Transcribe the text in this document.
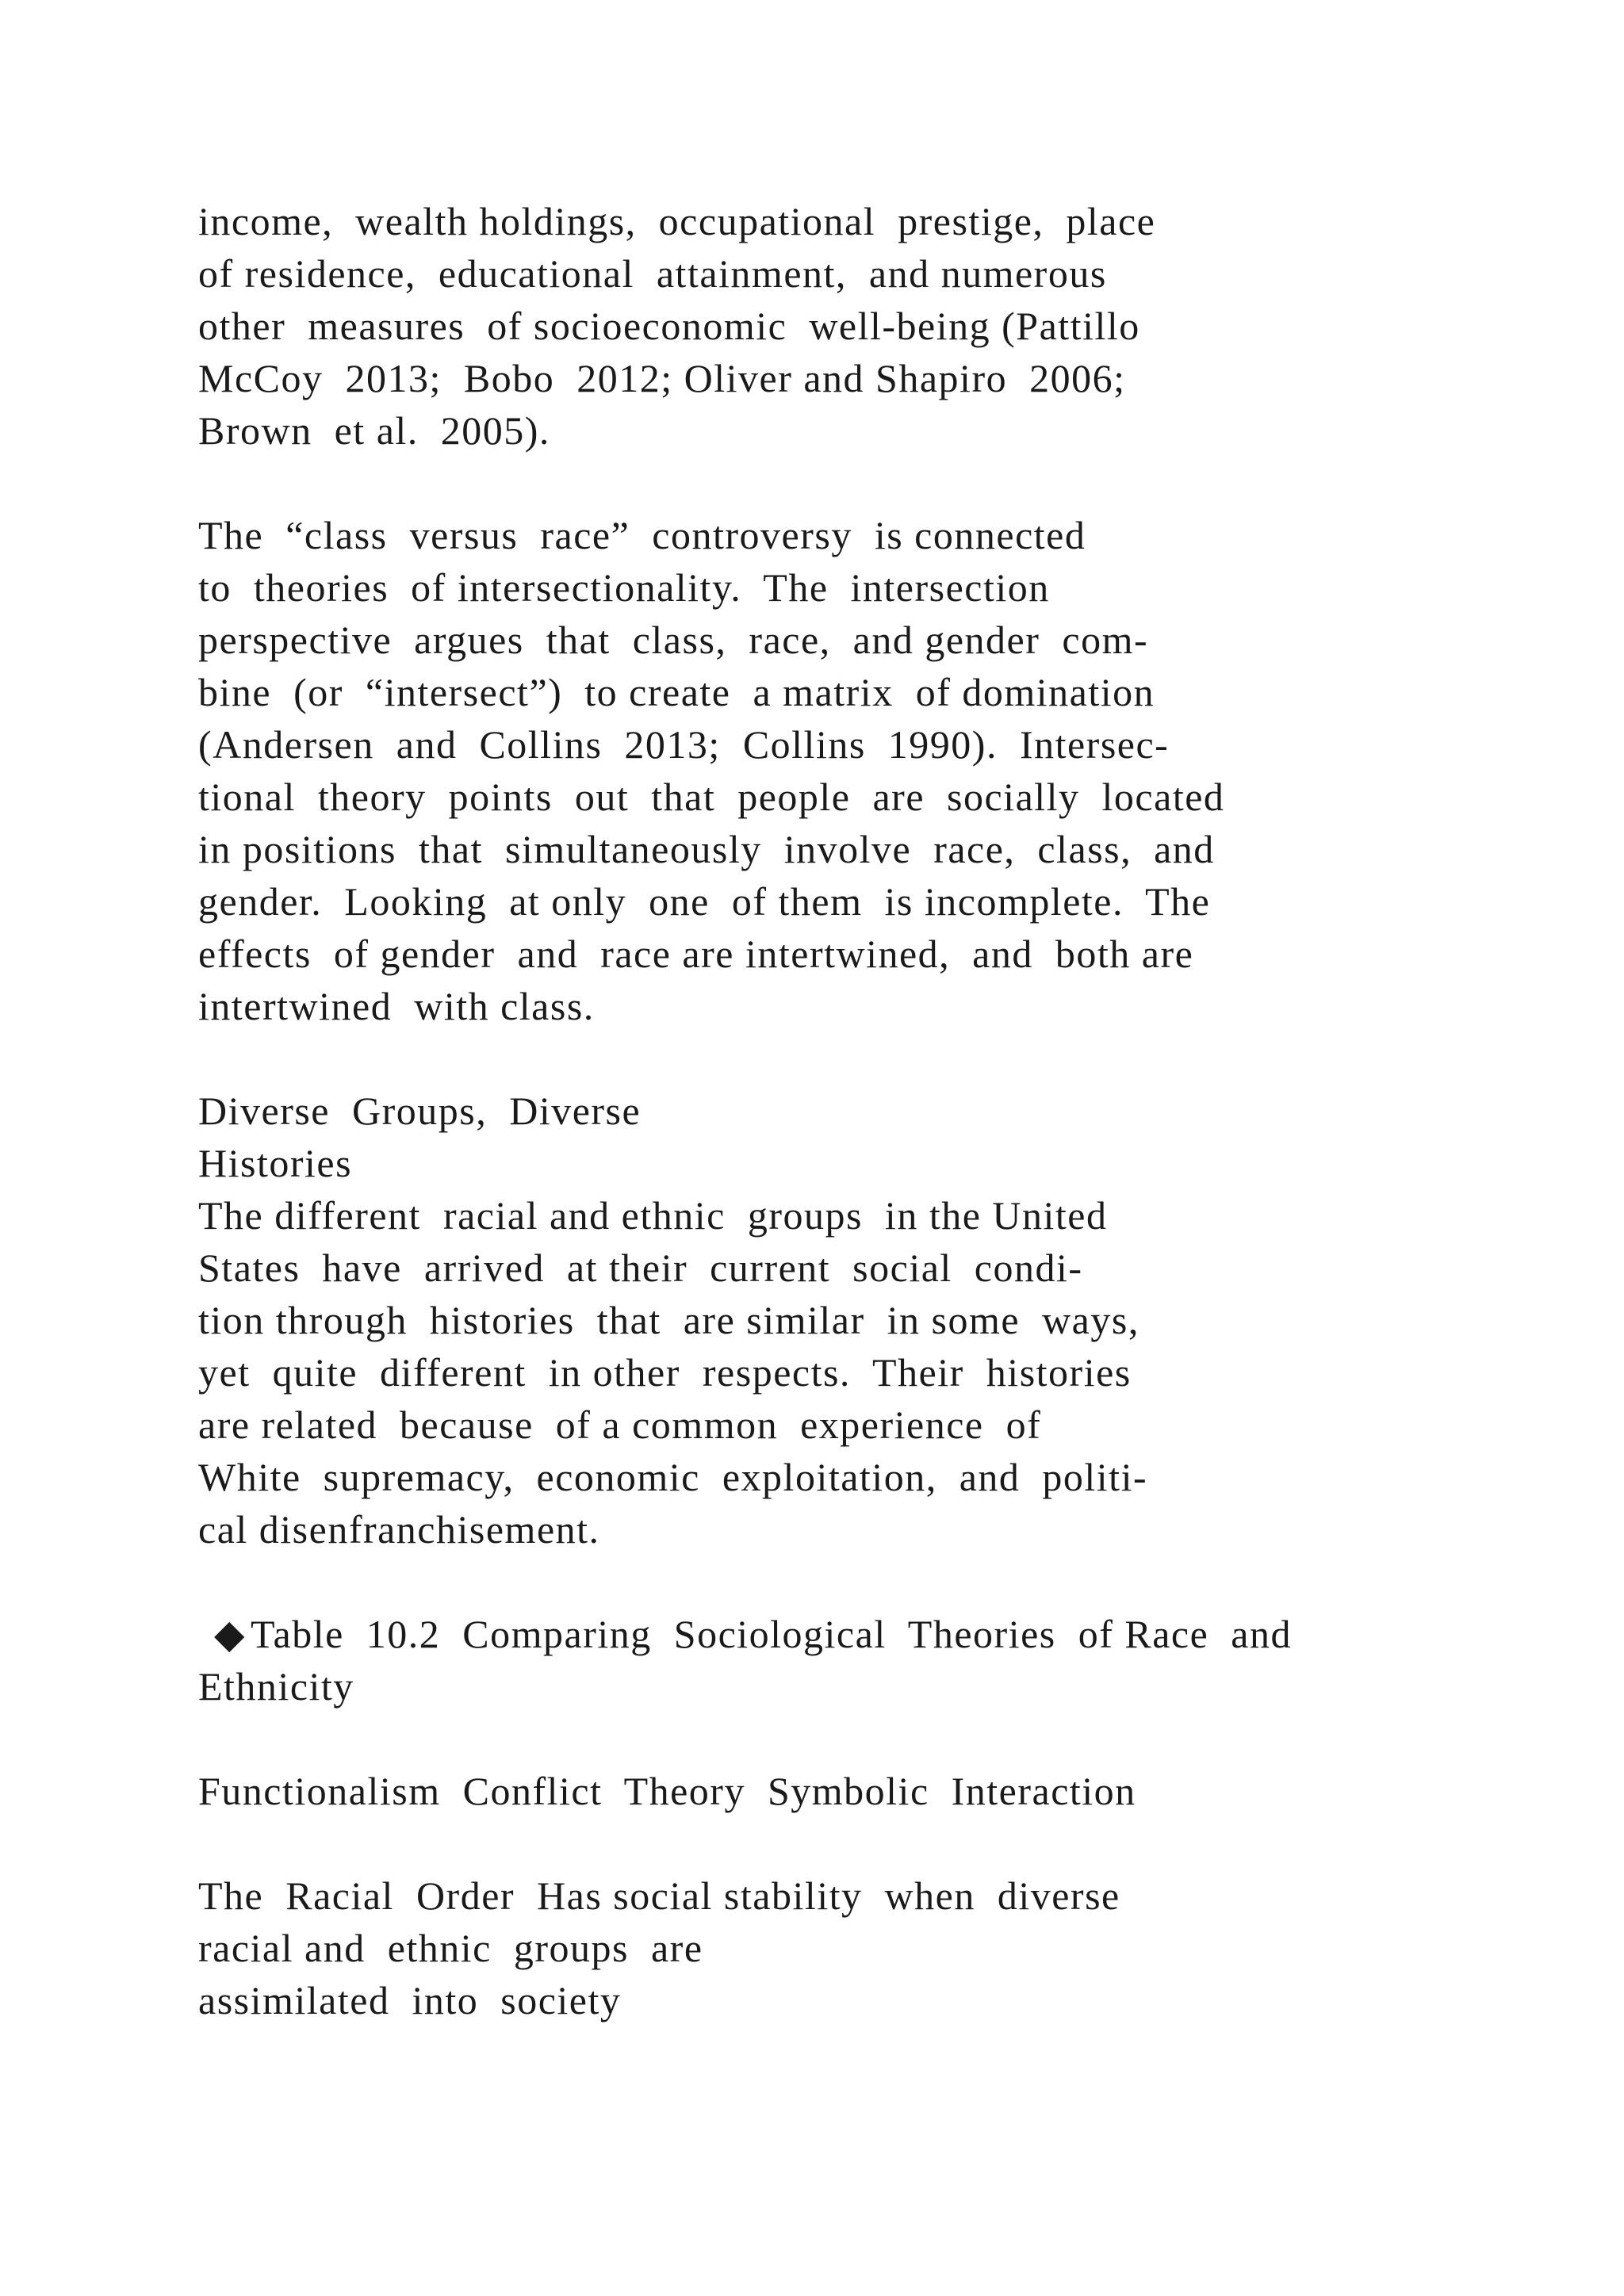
income,  wealth holdings,  occupational  prestige,  place
of residence,  educational  attainment,  and numerous
other  measures  of socioeconomic  well-being (Pattillo
McCoy  2013;  Bobo  2012; Oliver and Shapiro  2006;
Brown  et al.  2005).
The  “class  versus  race”  controversy  is connected
to  theories  of intersectionality.  The  intersection
perspective  argues  that  class,  race,  and gender  com-
bine  (or  “intersect”)  to create  a matrix  of domination
(Andersen  and  Collins  2013;  Collins  1990).  Intersec-
tional  theory  points  out  that  people  are  socially  located
in positions  that  simultaneously  involve  race,  class,  and
gender.  Looking  at only  one  of them  is incomplete.  The
effects  of gender  and  race are intertwined,  and  both are
intertwined  with class.
Diverse  Groups,  Diverse
Histories
The different  racial and ethnic  groups  in the United
States  have  arrived  at their  current  social  condi-
tion through  histories  that  are similar  in some  ways,
yet  quite  different  in other  respects.  Their  histories
are related  because  of a common  experience  of
White  supremacy,  economic  exploitation,  and  politi-
cal disenfranchisement.
◆ Table  10.2  Comparing  Sociological  Theories  of Race  and
Ethnicity
Functionalism  Conflict  Theory  Symbolic  Interaction
The  Racial  Order  Has social stability  when  diverse
racial and  ethnic  groups  are
assimilated  into  society
